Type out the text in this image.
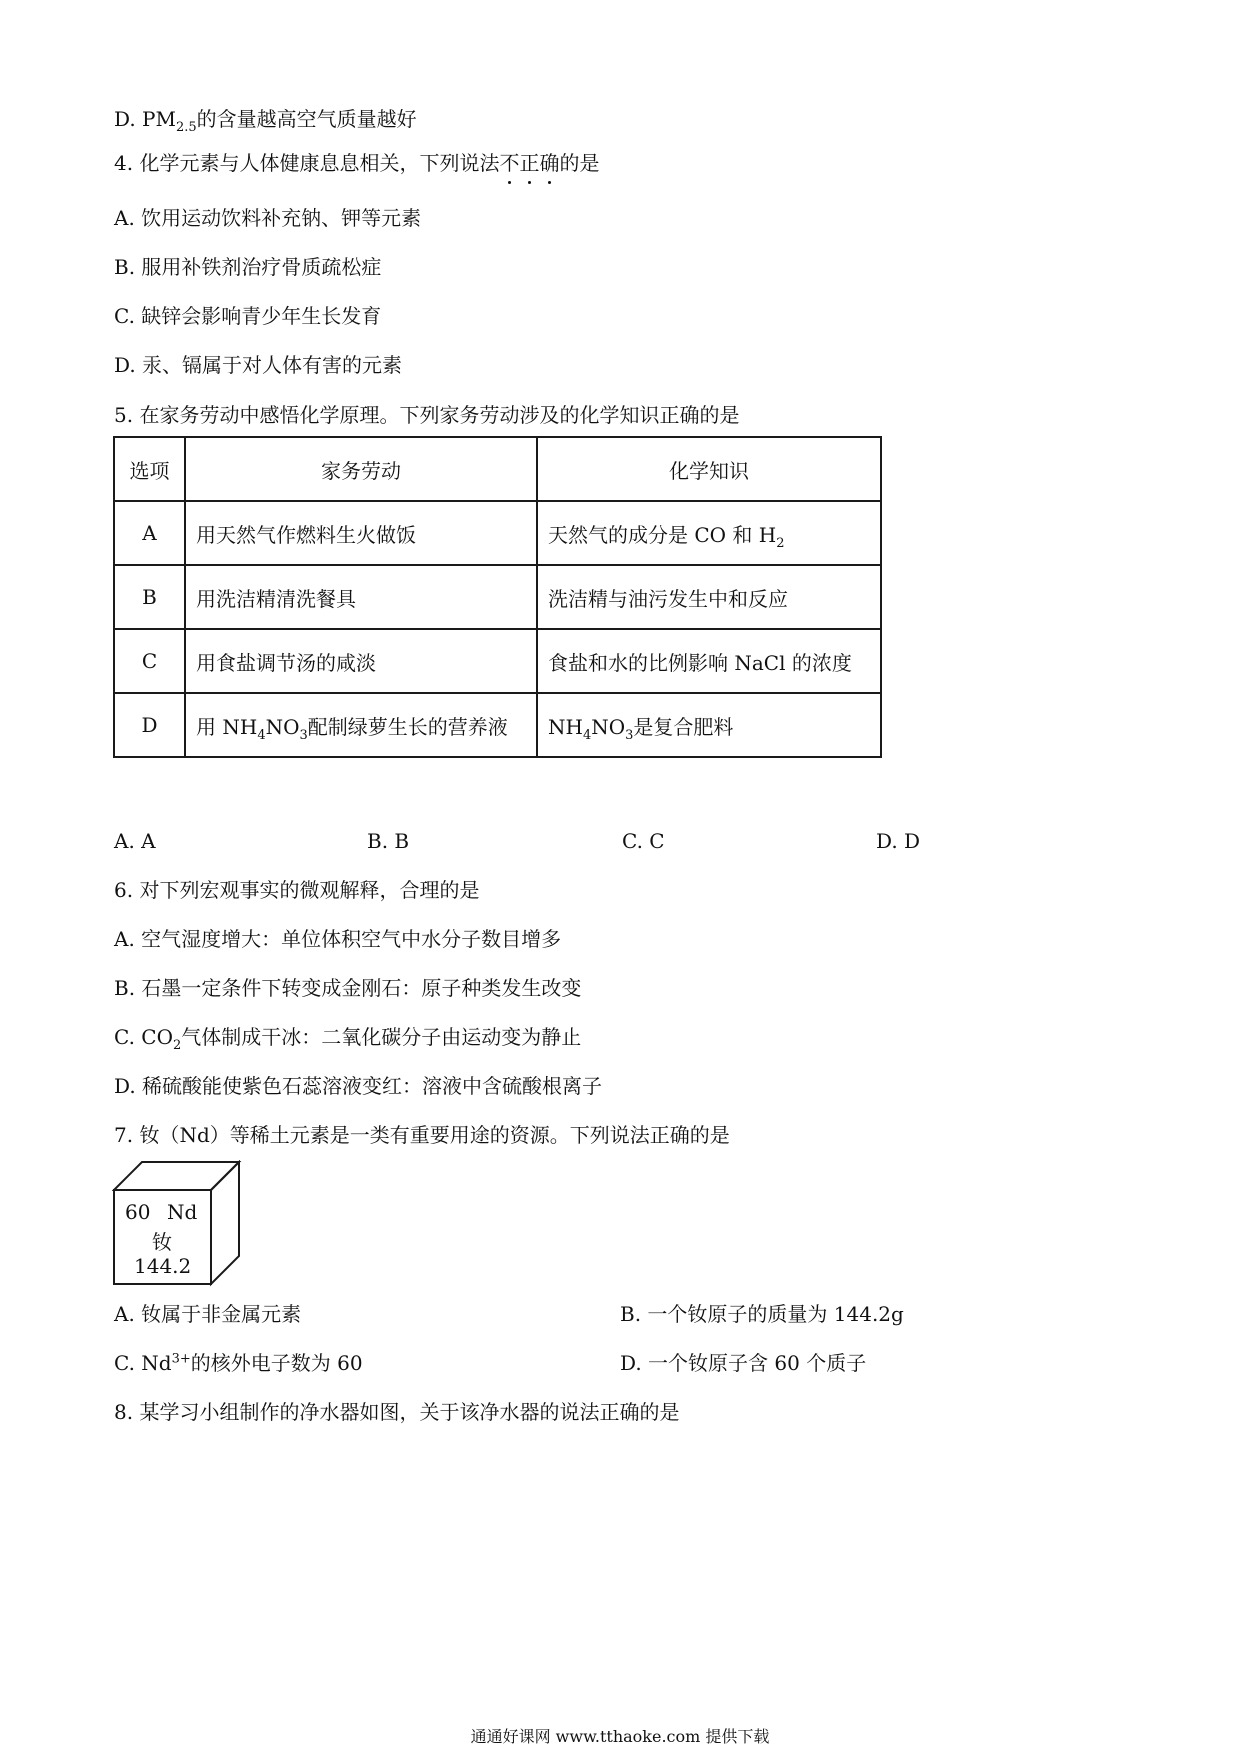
D. $PM_{2.5}$的含量越高空气质量越好
4. 化学元素与人体健康息息相关，下列说法不正确的是
A. 饮用运动饮料补充钠、钾等元素
B. 服用补铁剂治疗骨质疏松症
C. 缺锌会影响青少年生长发育
D. 汞、镉属于对人体有害的元素
5. 在家务劳动中感悟化学原理。下列家务劳动涉及的化学知识正确的是
选项	家务劳动	化学知识
A	用天然气作燃料生火做饭	天然气的成分是 CO 和 $H_2$
B	用洗洁精清洗餐具	洗洁精与油污发生中和反应
C	用食盐调节汤的咸淡	食盐和水的比例影响 NaCl 的浓度
D	用 $NH_4NO_3$配制绿萝生长的营养液	$NH_4NO_3$是复合肥料
A. A	B. B	C. C	D. D
6. 对下列宏观事实的微观解释，合理的是
A. 空气湿度增大：单位体积空气中水分子数目增多
B. 石墨一定条件下转变成金刚石：原子种类发生改变
C. $CO_2$气体制成干冰：二氧化碳分子由运动变为静止
D. 稀硫酸能使紫色石蕊溶液变红：溶液中含硫酸根离子
7. 钕（Nd）等稀土元素是一类有重要用途的资源。下列说法正确的是
60 Nd
钕
144.2
A. 钕属于非金属元素	B. 一个钕原子的质量为 144.2g
C. $Nd^{3+}$的核外电子数为 60	D. 一个钕原子含 60 个质子
8. 某学习小组制作的净水器如图，关于该净水器的说法正确的是
通通好课网 www.tthaoke.com 提供下载
